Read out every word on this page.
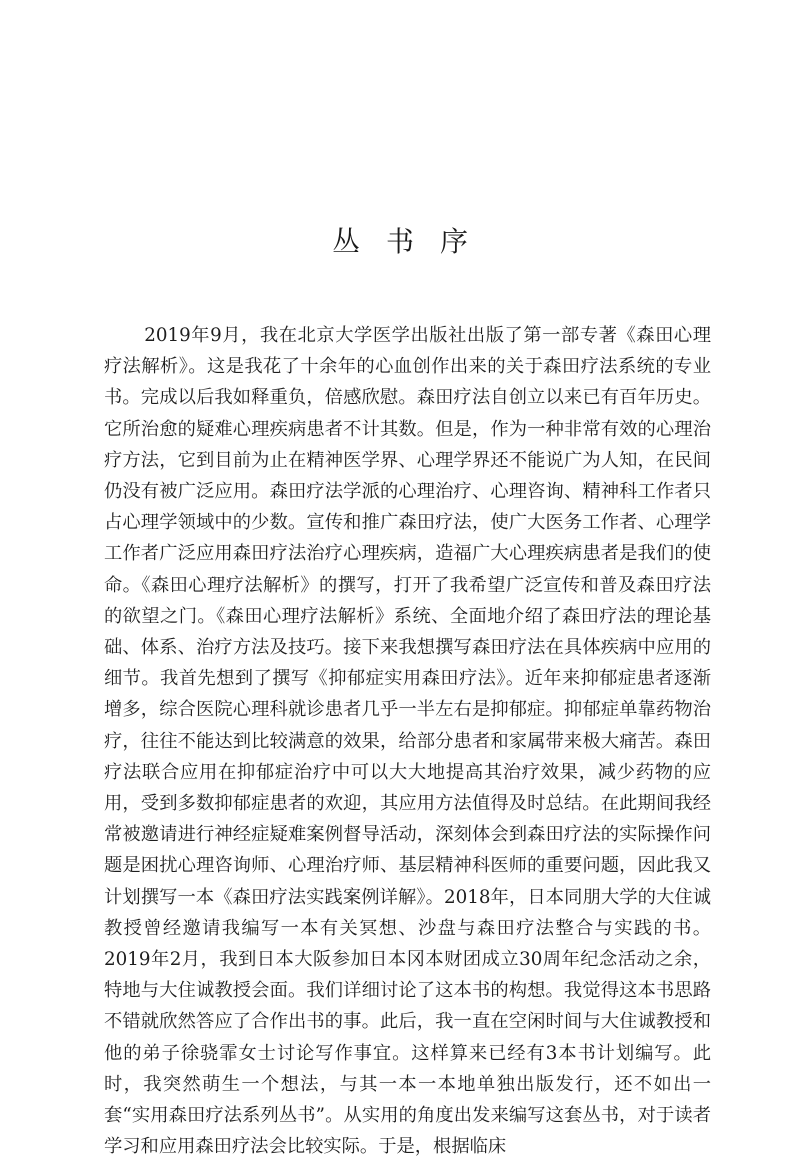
丛书序

2019年9月，我在北京大学医学出版社出版了第一部专著《森田心理疗法解析》。这是我花了十余年的心血创作出来的关于森田疗法系统的专业书。完成以后我如释重负，倍感欣慰。森田疗法自创立以来已有百年历史。它所治愈的疑难心理疾病患者不计其数。但是，作为一种非常有效的心理治疗方法，它到目前为止在精神医学界、心理学界还不能说广为人知，在民间仍没有被广泛应用。森田疗法学派的心理治疗、心理咨询、精神科工作者只占心理学领域中的少数。宣传和推广森田疗法，使广大医务工作者、心理学工作者广泛应用森田疗法治疗心理疾病，造福广大心理疾病患者是我们的使命。《森田心理疗法解析》的撰写，打开了我希望广泛宣传和普及森田疗法的欲望之门。《森田心理疗法解析》系统、全面地介绍了森田疗法的理论基础、体系、治疗方法及技巧。接下来我想撰写森田疗法在具体疾病中应用的细节。我首先想到了撰写《抑郁症实用森田疗法》。近年来抑郁症患者逐渐增多，综合医院心理科就诊患者几乎一半左右是抑郁症。抑郁症单靠药物治疗，往往不能达到比较满意的效果，给部分患者和家属带来极大痛苦。森田疗法联合应用在抑郁症治疗中可以大大地提高其治疗效果，减少药物的应用，受到多数抑郁症患者的欢迎，其应用方法值得及时总结。在此期间我经常被邀请进行神经症疑难案例督导活动，深刻体会到森田疗法的实际操作问题是困扰心理咨询师、心理治疗师、基层精神科医师的重要问题，因此我又计划撰写一本《森田疗法实践案例详解》。2018年，日本同朋大学的大住诚教授曾经邀请我编写一本有关冥想、沙盘与森田疗法整合与实践的书。2019年2月，我到日本大阪参加日本冈本财团成立30周年纪念活动之余，特地与大住诚教授会面。我们详细讨论了这本书的构想。我觉得这本书思路不错就欣然答应了合作出书的事。此后，我一直在空闲时间与大住诚教授和他的弟子徐骁霏女士讨论写作事宜。这样算来已经有3本书计划编写。此时，我突然萌生一个想法，与其一本一本地单独出版发行，还不如出一套“实用森田疗法系列丛书”。从实用的角度出发来编写这套丛书，对于读者学习和应用森田疗法会比较实际。于是，根据临床
